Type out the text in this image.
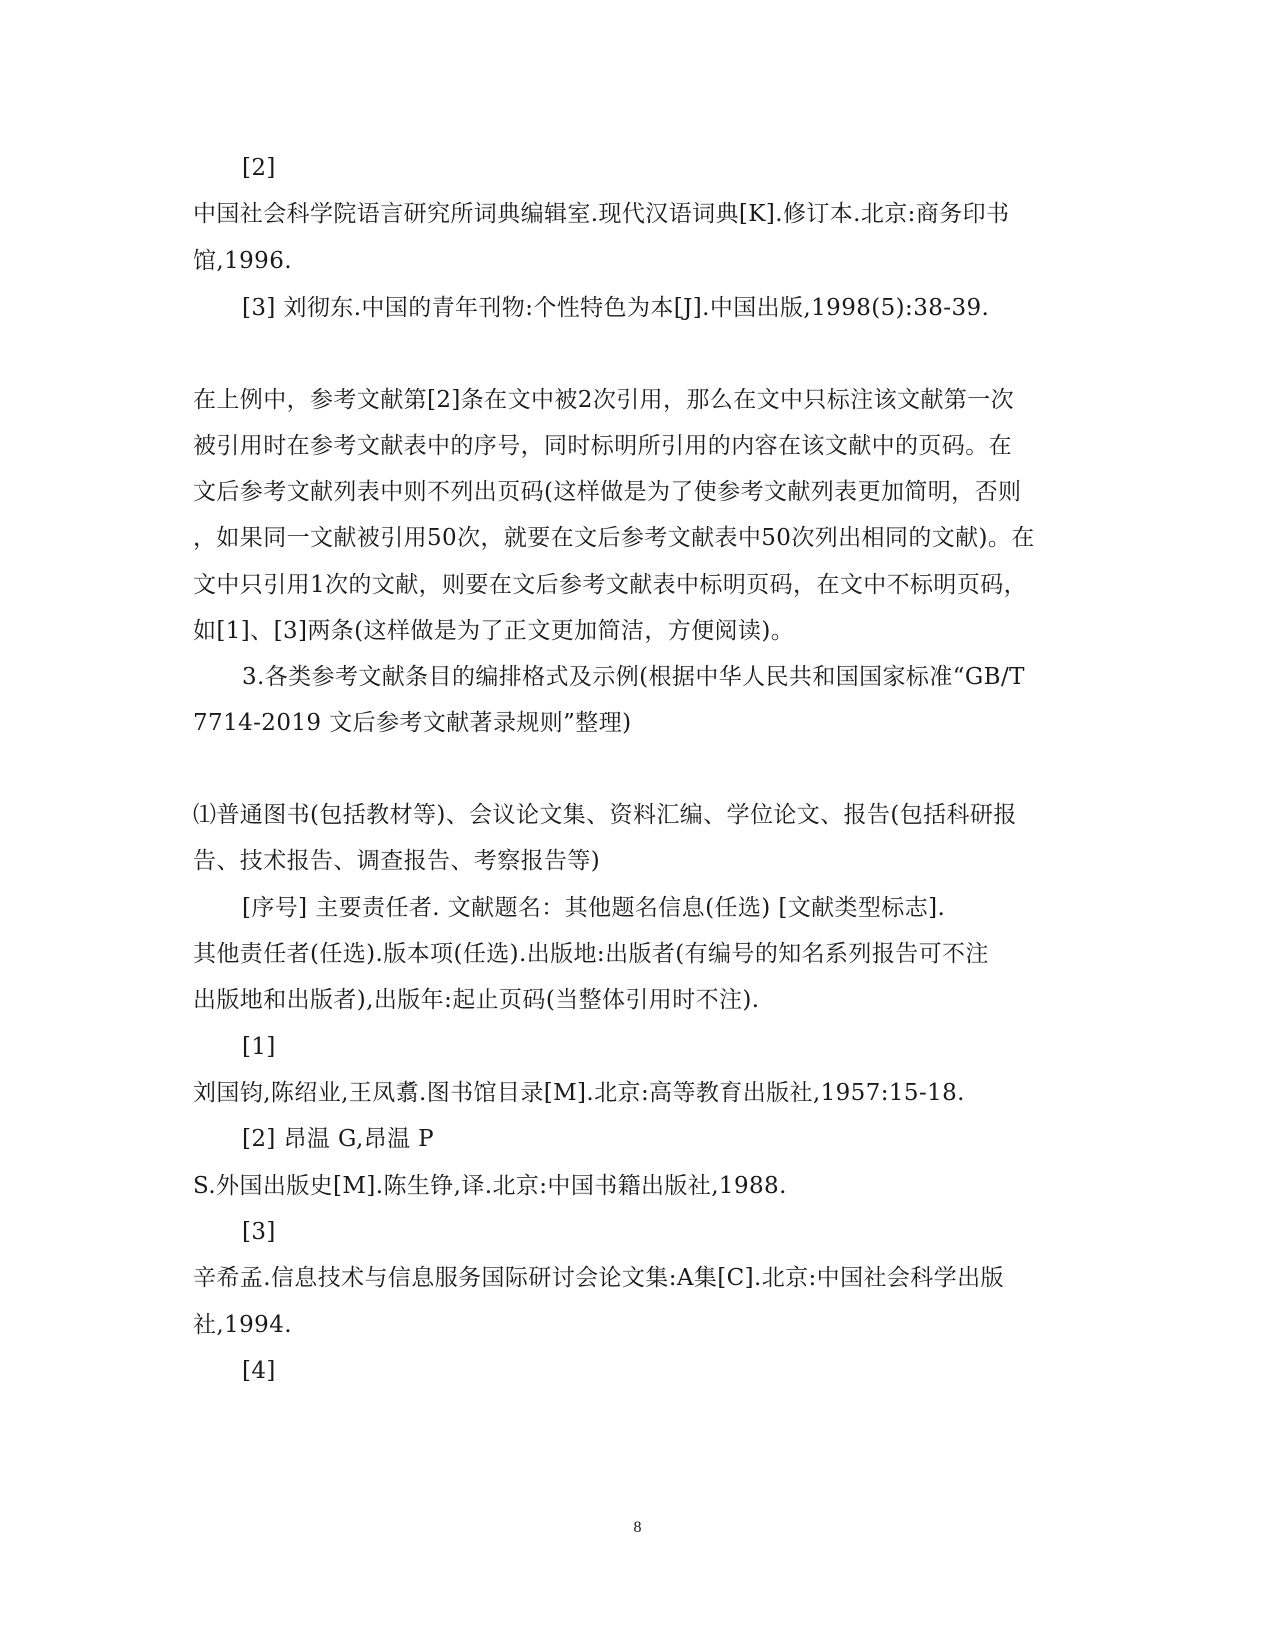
[2]

中国社会科学院语言研究所词典编辑室.现代汉语词典[K].修订本.北京:商务印书

馆,1996.

[3] 刘彻东.中国的青年刊物:个性特色为本[J].中国出版,1998(5):38-39.

在上例中，参考文献第[2]条在文中被2次引用，那么在文中只标注该文献第一次

被引用时在参考文献表中的序号，同时标明所引用的内容在该文献中的页码。在

文后参考文献列表中则不列出页码(这样做是为了使参考文献列表更加简明，否则

，如果同一文献被引用50次，就要在文后参考文献表中50次列出相同的文献)。在

文中只引用1次的文献，则要在文后参考文献表中标明页码，在文中不标明页码，

如[1]、[3]两条(这样做是为了正文更加简洁，方便阅读)。

3.各类参考文献条目的编排格式及示例(根据中华人民共和国国家标准“GB/T

7714-2019 文后参考文献著录规则”整理)

⑴普通图书(包括教材等)、会议论文集、资料汇编、学位论文、报告(包括科研报

告、技术报告、调查报告、考察报告等)

[序号] 主要责任者. 文献题名：其他题名信息(任选) [文献类型标志].

其他责任者(任选).版本项(任选).出版地:出版者(有编号的知名系列报告可不注

出版地和出版者),出版年:起止页码(当整体引用时不注).

[1]

刘国钧,陈绍业,王凤翥.图书馆目录[M].北京:高等教育出版社,1957:15-18.

[2] 昂温 G,昂温 P

S.外国出版史[M].陈生铮,译.北京:中国书籍出版社,1988.

[3]

辛希孟.信息技术与信息服务国际研讨会论文集:A集[C].北京:中国社会科学出版

社,1994.

[4]

8
